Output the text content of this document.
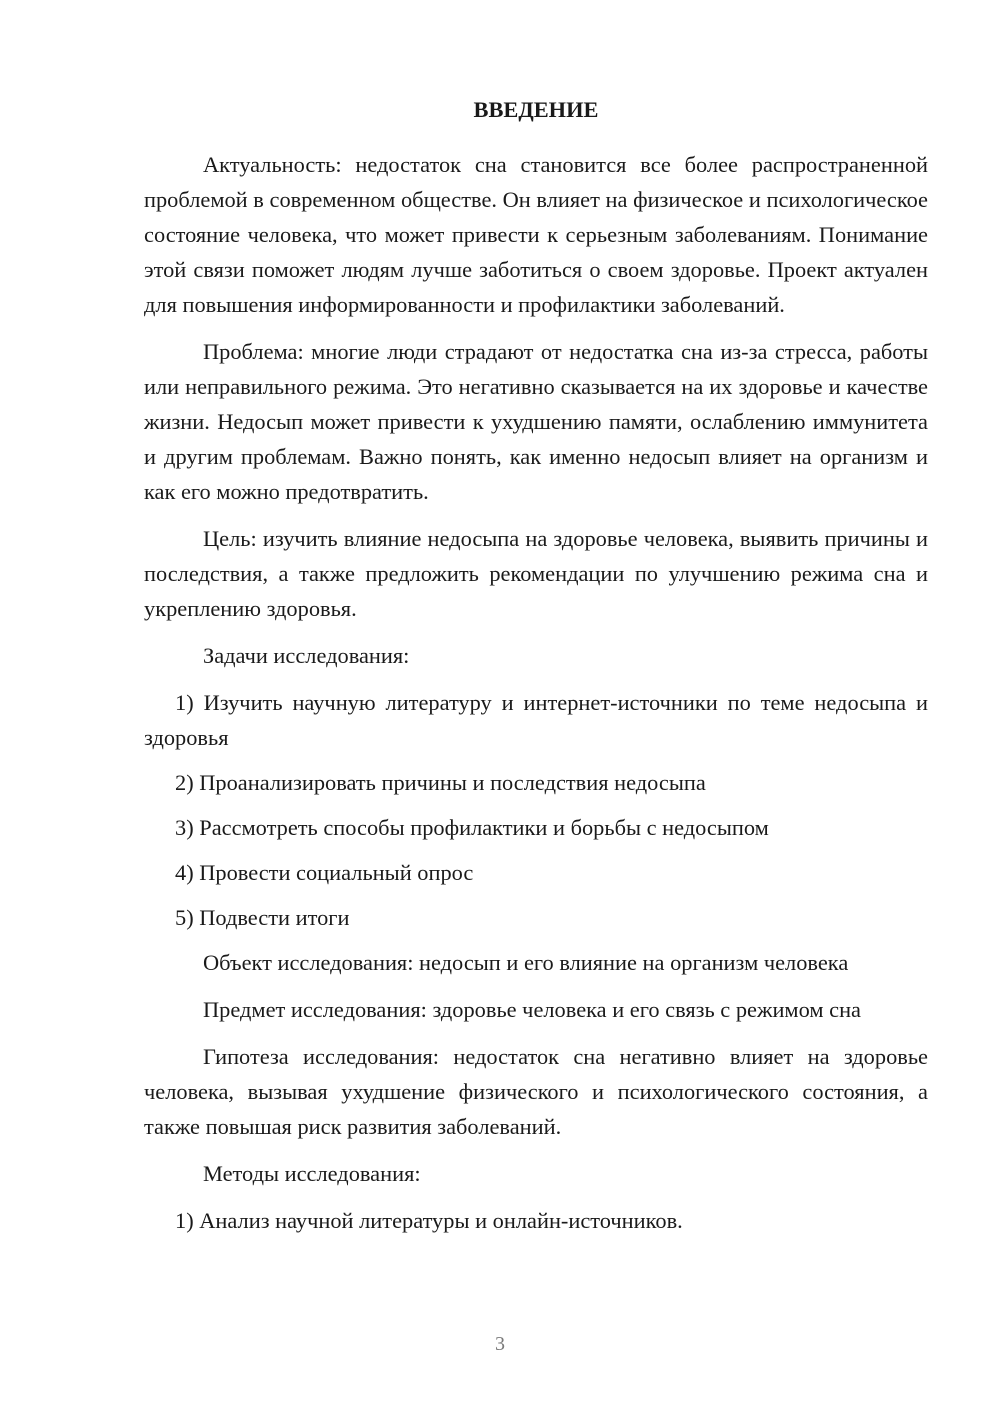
ВВЕДЕНИЕ

Актуальность: недостаток сна становится все более распространенной проблемой в современном обществе. Он влияет на физическое и психологическое состояние человека, что может привести к серьезным заболеваниям. Понимание этой связи поможет людям лучше заботиться о своем здоровье. Проект актуален для повышения информированности и профилактики заболеваний.

Проблема: многие люди страдают от недостатка сна из-за стресса, работы или неправильного режима. Это негативно сказывается на их здоровье и качестве жизни. Недосып может привести к ухудшению памяти, ослаблению иммунитета и другим проблемам. Важно понять, как именно недосып влияет на организм и как его можно предотвратить.

Цель: изучить влияние недосыпа на здоровье человека, выявить причины и последствия, а также предложить рекомендации по улучшению режима сна и укреплению здоровья.

Задачи исследования:

1) Изучить научную литературу и интернет-источники по теме недосыпа и здоровья

2) Проанализировать причины и последствия недосыпа

3) Рассмотреть способы профилактики и борьбы с недосыпом

4) Провести социальный опрос

5) Подвести итоги

Объект исследования: недосып и его влияние на организм человека

Предмет исследования: здоровье человека и его связь с режимом сна

Гипотеза исследования: недостаток сна негативно влияет на здоровье человека, вызывая ухудшение физического и психологического состояния, а также повышая риск развития заболеваний.

Методы исследования:

1) Анализ научной литературы и онлайн-источников.

3
